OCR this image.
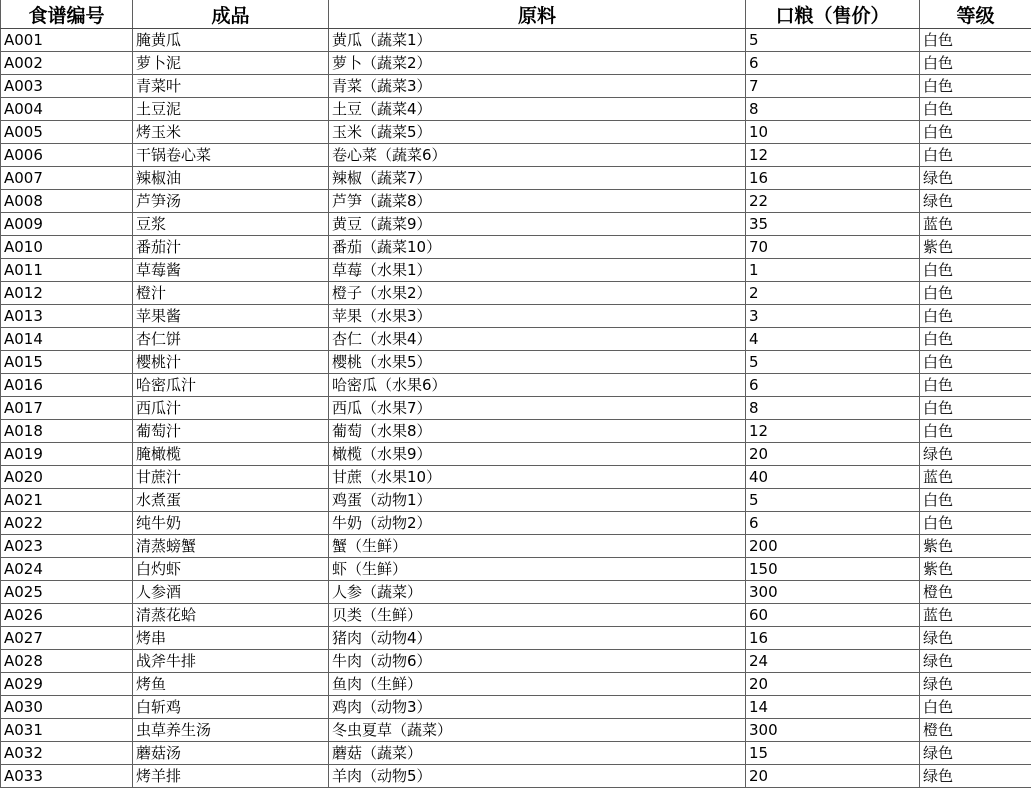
食谱编号	成品	原料	口粮（售价）	等级
A001	腌黄瓜	黄瓜（蔬菜1）	5	白色
A002	萝卜泥	萝卜（蔬菜2）	6	白色
A003	青菜叶	青菜（蔬菜3）	7	白色
A004	土豆泥	土豆（蔬菜4）	8	白色
A005	烤玉米	玉米（蔬菜5）	10	白色
A006	干锅卷心菜	卷心菜（蔬菜6）	12	白色
A007	辣椒油	辣椒（蔬菜7）	16	绿色
A008	芦笋汤	芦笋（蔬菜8）	22	绿色
A009	豆浆	黄豆（蔬菜9）	35	蓝色
A010	番茄汁	番茄（蔬菜10）	70	紫色
A011	草莓酱	草莓（水果1）	1	白色
A012	橙汁	橙子（水果2）	2	白色
A013	苹果酱	苹果（水果3）	3	白色
A014	杏仁饼	杏仁（水果4）	4	白色
A015	樱桃汁	樱桃（水果5）	5	白色
A016	哈密瓜汁	哈密瓜（水果6）	6	白色
A017	西瓜汁	西瓜（水果7）	8	白色
A018	葡萄汁	葡萄（水果8）	12	白色
A019	腌橄榄	橄榄（水果9）	20	绿色
A020	甘蔗汁	甘蔗（水果10）	40	蓝色
A021	水煮蛋	鸡蛋（动物1）	5	白色
A022	纯牛奶	牛奶（动物2）	6	白色
A023	清蒸螃蟹	蟹（生鲜）	200	紫色
A024	白灼虾	虾（生鲜）	150	紫色
A025	人参酒	人参（蔬菜）	300	橙色
A026	清蒸花蛤	贝类（生鲜）	60	蓝色
A027	烤串	猪肉（动物4）	16	绿色
A028	战斧牛排	牛肉（动物6）	24	绿色
A029	烤鱼	鱼肉（生鲜）	20	绿色
A030	白斩鸡	鸡肉（动物3）	14	白色
A031	虫草养生汤	冬虫夏草（蔬菜）	300	橙色
A032	蘑菇汤	蘑菇（蔬菜）	15	绿色
A033	烤羊排	羊肉（动物5）	20	绿色
